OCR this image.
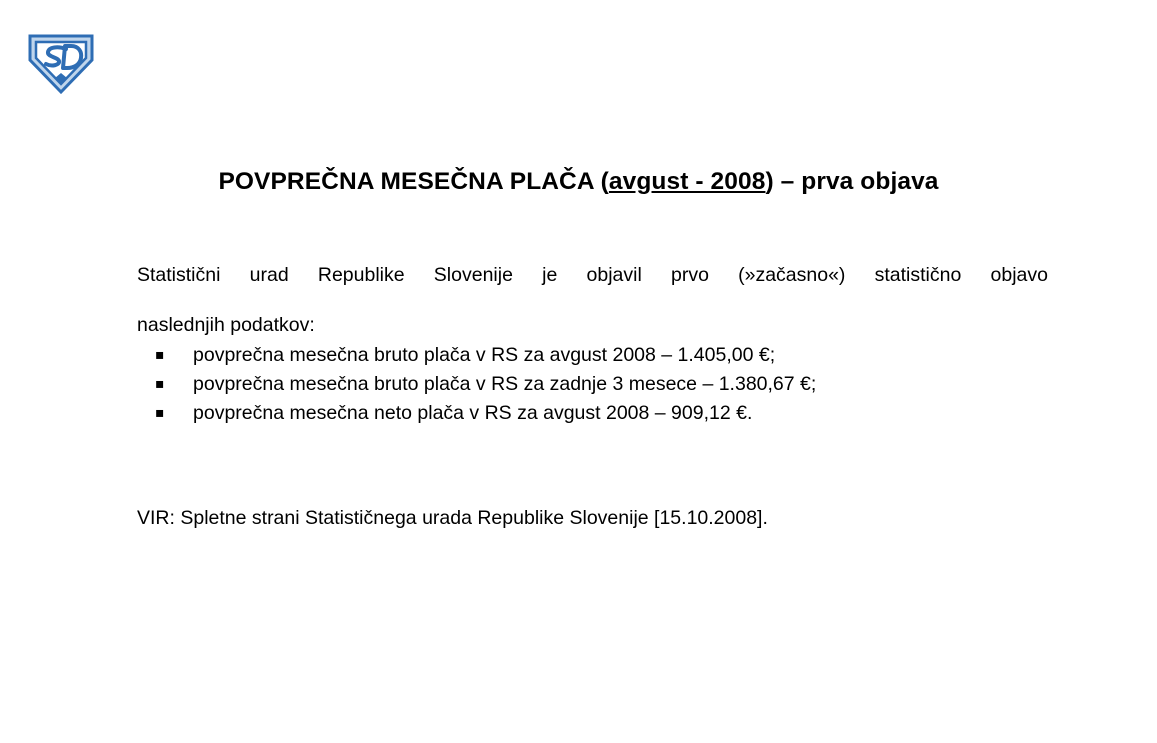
POVPREČNA MESEČNA PLAČA (avgust - 2008) – prva objava
Statistični urad Republike Slovenije je objavil prvo (»začasno«) statistično objavo
naslednjih podatkov:
▪	povprečna mesečna bruto plača v RS za avgust 2008 – 1.405,00 €;
▪	povprečna mesečna bruto plača v RS za zadnje 3 mesece – 1.380,67 €;
▪	povprečna mesečna neto plača v RS za avgust 2008 – 909,12 €.
VIR: Spletne strani Statističnega urada Republike Slovenije [15.10.2008].
